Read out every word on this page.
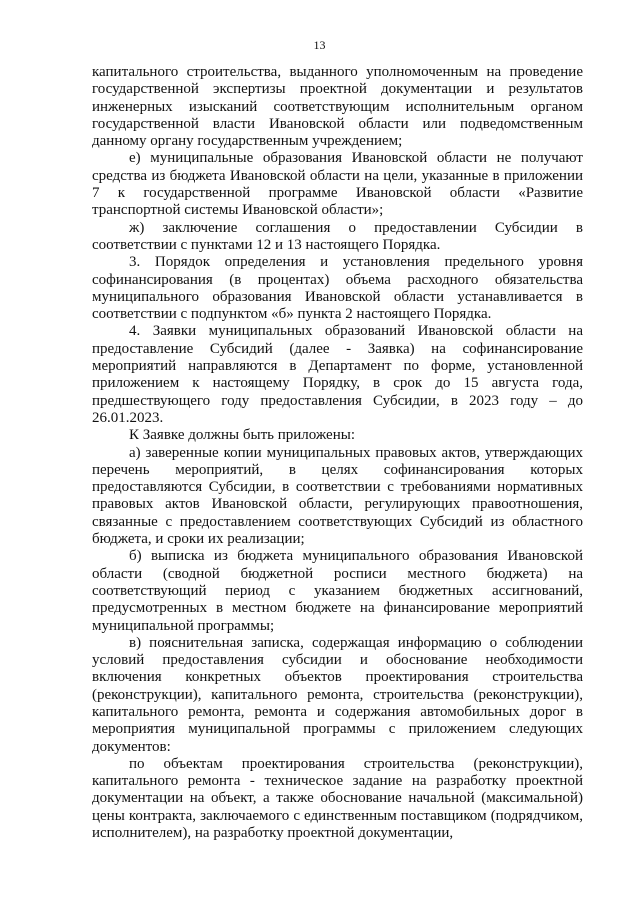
13

капитального строительства, выданного уполномоченным на проведение государственной экспертизы проектной документации и результатов инженерных изысканий соответствующим исполнительным органом государственной власти Ивановской области или подведомственным данному органу государственным учреждением;

е) муниципальные образования Ивановской области не получают средства из бюджета Ивановской области на цели, указанные в приложении 7 к государственной программе Ивановской области «Развитие транспортной системы Ивановской области»;

ж) заключение соглашения о предоставлении Субсидии в соответствии с пунктами 12 и 13 настоящего Порядка.

3. Порядок определения и установления предельного уровня софинансирования (в процентах) объема расходного обязательства муниципального образования Ивановской области устанавливается в соответствии с подпунктом «б» пункта 2 настоящего Порядка.

4. Заявки муниципальных образований Ивановской области на предоставление Субсидий (далее - Заявка) на софинансирование мероприятий направляются в Департамент по форме, установленной приложением к настоящему Порядку, в срок до 15 августа года, предшествующего году предоставления Субсидии, в 2023 году – до 26.01.2023.

К Заявке должны быть приложены:

а) заверенные копии муниципальных правовых актов, утверждающих перечень мероприятий, в целях софинансирования которых предоставляются Субсидии, в соответствии с требованиями нормативных правовых актов Ивановской области, регулирующих правоотношения, связанные с предоставлением соответствующих Субсидий из областного бюджета, и сроки их реализации;

б) выписка из бюджета муниципального образования Ивановской области (сводной бюджетной росписи местного бюджета) на соответствующий период с указанием бюджетных ассигнований, предусмотренных в местном бюджете на финансирование мероприятий муниципальной программы;

в) пояснительная записка, содержащая информацию о соблюдении условий предоставления субсидии и обоснование необходимости включения конкретных объектов проектирования строительства (реконструкции), капитального ремонта, строительства (реконструкции), капитального ремонта, ремонта и содержания автомобильных дорог в мероприятия муниципальной программы с приложением следующих документов:

по объектам проектирования строительства (реконструкции), капитального ремонта - техническое задание на разработку проектной документации на объект, а также обоснование начальной (максимальной) цены контракта, заключаемого с единственным поставщиком (подрядчиком, исполнителем), на разработку проектной документации,
